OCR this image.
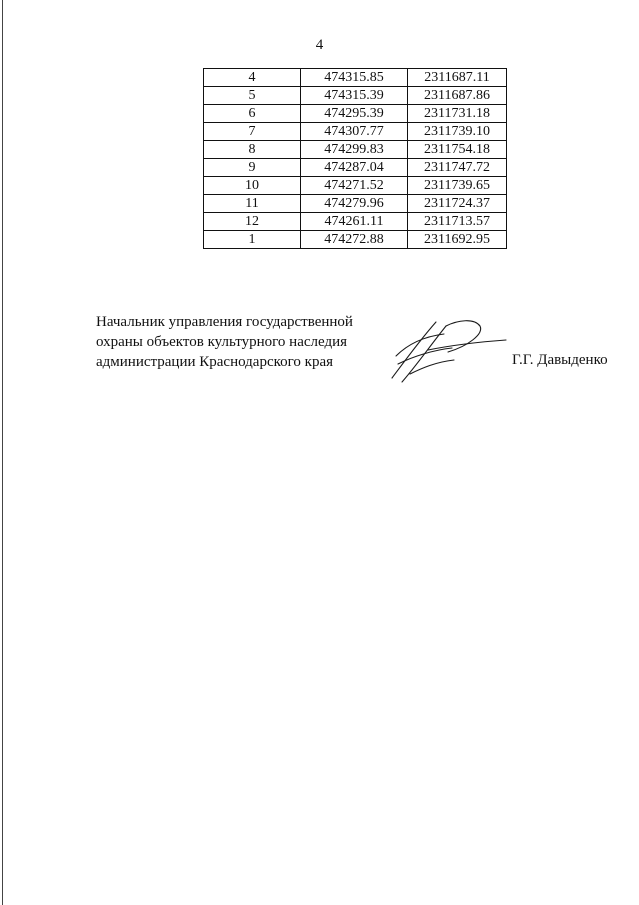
4
4	474315.85	2311687.11
5	474315.39	2311687.86
6	474295.39	2311731.18
7	474307.77	2311739.10
8	474299.83	2311754.18
9	474287.04	2311747.72
10	474271.52	2311739.65
11	474279.96	2311724.37
12	474261.11	2311713.57
1	474272.88	2311692.95
Начальник управления государственной
охраны объектов культурного наследия
администрации Краснодарского края	Г.Г. Давыденко
